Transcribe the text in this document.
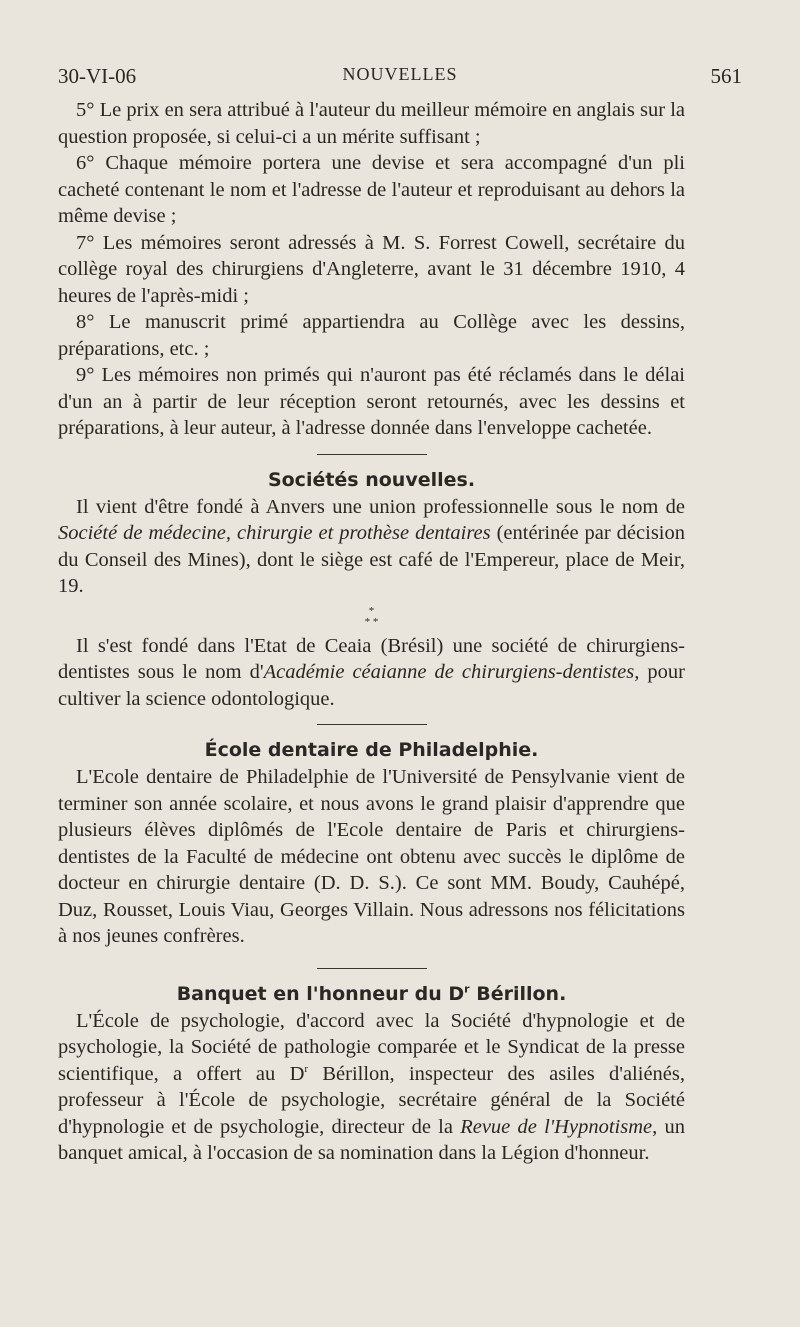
30-VI-06	NOUVELLES	561

5° Le prix en sera attribué à l'auteur du meilleur mémoire en anglais sur la question proposée, si celui-ci a un mérite suffisant ;

6° Chaque mémoire portera une devise et sera accompagné d'un pli cacheté contenant le nom et l'adresse de l'auteur et reproduisant au dehors la même devise ;

7° Les mémoires seront adressés à M. S. Forrest Cowell, secrétaire du collège royal des chirurgiens d'Angleterre, avant le 31 décembre 1910, 4 heures de l'après-midi ;

8° Le manuscrit primé appartiendra au Collège avec les dessins, préparations, etc. ;

9° Les mémoires non primés qui n'auront pas été réclamés dans le délai d'un an à partir de leur réception seront retournés, avec les dessins et préparations, à leur auteur, à l'adresse donnée dans l'enveloppe cachetée.

Sociétés nouvelles.

Il vient d'être fondé à Anvers une union professionnelle sous le nom de Société de médecine, chirurgie et prothèse dentaires (entérinée par décision du Conseil des Mines), dont le siège est café de l'Empereur, place de Meir, 19.

*
* *

Il s'est fondé dans l'Etat de Ceaia (Brésil) une société de chirurgiens-dentistes sous le nom d'Académie céaianne de chirurgiens-dentistes, pour cultiver la science odontologique.

École dentaire de Philadelphie.

L'Ecole dentaire de Philadelphie de l'Université de Pensylvanie vient de terminer son année scolaire, et nous avons le grand plaisir d'apprendre que plusieurs élèves diplômés de l'Ecole dentaire de Paris et chirurgiens-dentistes de la Faculté de médecine ont obtenu avec succès le diplôme de docteur en chirurgie dentaire (D. D. S.). Ce sont MM. Boudy, Cauhépé, Duz, Rousset, Louis Viau, Georges Villain. Nous adressons nos félicitations à nos jeunes confrères.

Banquet en l'honneur du $D^r$ Bérillon.

L'École de psychologie, d'accord avec la Société d'hypnologie et de psychologie, la Société de pathologie comparée et le Syndicat de la presse scientifique, a offert au $D^r$ Bérillon, inspecteur des asiles d'aliénés, professeur à l'École de psychologie, secrétaire général de la Société d'hypnologie et de psychologie, directeur de la Revue de l'Hypnotisme, un banquet amical, à l'occasion de sa nomination dans la Légion d'honneur.
